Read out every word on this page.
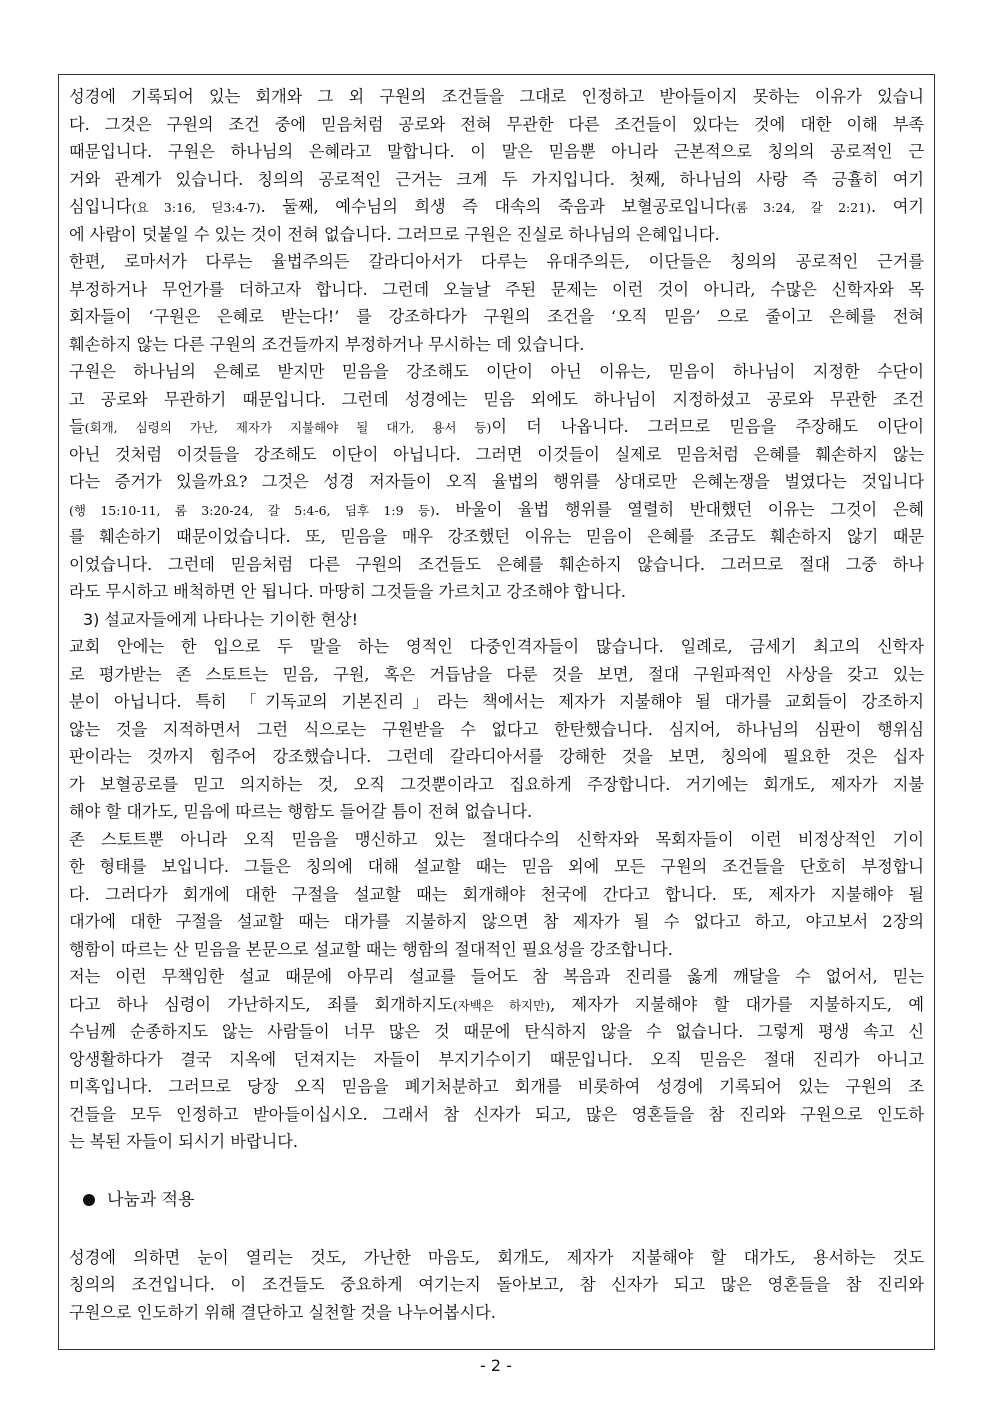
성경에 기록되어 있는 회개와 그 외 구원의 조건들을 그대로 인정하고 받아들이지 못하는 이유가 있습니
다. 그것은 구원의 조건 중에 믿음처럼 공로와 전혀 무관한 다른 조건들이 있다는 것에 대한 이해 부족
때문입니다. 구원은 하나님의 은혜라고 말합니다. 이 말은 믿음뿐 아니라 근본적으로 칭의의 공로적인 근
거와 관계가 있습니다. 칭의의 공로적인 근거는 크게 두 가지입니다. 첫째, 하나님의 사랑 즉 긍휼히 여기
심입니다(요 3:16, 딛3:4-7). 둘째, 예수님의 희생 즉 대속의 죽음과 보혈공로입니다(롬 3:24, 갈 2:21). 여기
에 사람이 덧붙일 수 있는 것이 전혀 없습니다. 그러므로 구원은 진실로 하나님의 은혜입니다.
한편, 로마서가 다루는 율법주의든 갈라디아서가 다루는 유대주의든, 이단들은 칭의의 공로적인 근거를
부정하거나 무언가를 더하고자 합니다. 그런데 오늘날 주된 문제는 이런 것이 아니라, 수많은 신학자와 목
회자들이 ‘구원은 은혜로 받는다!’ 를 강조하다가 구원의 조건을 ‘오직 믿음’ 으로 줄이고 은혜를 전혀
훼손하지 않는 다른 구원의 조건들까지 부정하거나 무시하는 데 있습니다.
구원은 하나님의 은혜로 받지만 믿음을 강조해도 이단이 아닌 이유는, 믿음이 하나님이 지정한 수단이
고 공로와 무관하기 때문입니다. 그런데 성경에는 믿음 외에도 하나님이 지정하셨고 공로와 무관한 조건
들(회개, 심령의 가난, 제자가 지불해야 될 대가, 용서 등)이 더 나옵니다. 그러므로 믿음을 주장해도 이단이
아닌 것처럼 이것들을 강조해도 이단이 아닙니다. 그러면 이것들이 실제로 믿음처럼 은혜를 훼손하지 않는
다는 증거가 있을까요? 그것은 성경 저자들이 오직 율법의 행위를 상대로만 은혜논쟁을 벌였다는 것입니다
(행 15:10-11, 롬 3:20-24, 갈 5:4-6, 딤후 1:9 등). 바울이 율법 행위를 열렬히 반대했던 이유는 그것이 은혜
를 훼손하기 때문이었습니다. 또, 믿음을 매우 강조했던 이유는 믿음이 은혜를 조금도 훼손하지 않기 때문
이었습니다. 그런데 믿음처럼 다른 구원의 조건들도 은혜를 훼손하지 않습니다. 그러므로 절대 그중 하나
라도 무시하고 배척하면 안 됩니다. 마땅히 그것들을 가르치고 강조해야 합니다.
3) 설교자들에게 나타나는 기이한 현상!
교회 안에는 한 입으로 두 말을 하는 영적인 다중인격자들이 많습니다. 일례로, 금세기 최고의 신학자
로 평가받는 존 스토트는 믿음, 구원, 혹은 거듭남을 다룬 것을 보면, 절대 구원파적인 사상을 갖고 있는
분이 아닙니다. 특히 「기독교의 기본진리」라는 책에서는 제자가 지불해야 될 대가를 교회들이 강조하지
않는 것을 지적하면서 그런 식으로는 구원받을 수 없다고 한탄했습니다. 심지어, 하나님의 심판이 행위심
판이라는 것까지 힘주어 강조했습니다. 그런데 갈라디아서를 강해한 것을 보면, 칭의에 필요한 것은 십자
가 보혈공로를 믿고 의지하는 것, 오직 그것뿐이라고 집요하게 주장합니다. 거기에는 회개도, 제자가 지불
해야 할 대가도, 믿음에 따르는 행함도 들어갈 틈이 전혀 없습니다.
존 스토트뿐 아니라 오직 믿음을 맹신하고 있는 절대다수의 신학자와 목회자들이 이런 비정상적인 기이
한 형태를 보입니다. 그들은 칭의에 대해 설교할 때는 믿음 외에 모든 구원의 조건들을 단호히 부정합니
다. 그러다가 회개에 대한 구절을 설교할 때는 회개해야 천국에 간다고 합니다. 또, 제자가 지불해야 될
대가에 대한 구절을 설교할 때는 대가를 지불하지 않으면 참 제자가 될 수 없다고 하고, 야고보서 2장의
행함이 따르는 산 믿음을 본문으로 설교할 때는 행함의 절대적인 필요성을 강조합니다.
저는 이런 무책임한 설교 때문에 아무리 설교를 들어도 참 복음과 진리를 옳게 깨달을 수 없어서, 믿는
다고 하나 심령이 가난하지도, 죄를 회개하지도(자백은 하지만), 제자가 지불해야 할 대가를 지불하지도, 예
수님께 순종하지도 않는 사람들이 너무 많은 것 때문에 탄식하지 않을 수 없습니다. 그렇게 평생 속고 신
앙생활하다가 결국 지옥에 던져지는 자들이 부지기수이기 때문입니다. 오직 믿음은 절대 진리가 아니고
미혹입니다. 그러므로 당장 오직 믿음을 폐기처분하고 회개를 비롯하여 성경에 기록되어 있는 구원의 조
건들을 모두 인정하고 받아들이십시오. 그래서 참 신자가 되고, 많은 영혼들을 참 진리와 구원으로 인도하
는 복된 자들이 되시기 바랍니다.
나눔과 적용
성경에 의하면 눈이 열리는 것도, 가난한 마음도, 회개도, 제자가 지불해야 할 대가도, 용서하는 것도
칭의의 조건입니다. 이 조건들도 중요하게 여기는지 돌아보고, 참 신자가 되고 많은 영혼들을 참 진리와
구원으로 인도하기 위해 결단하고 실천할 것을 나누어봅시다.
- 2 -
